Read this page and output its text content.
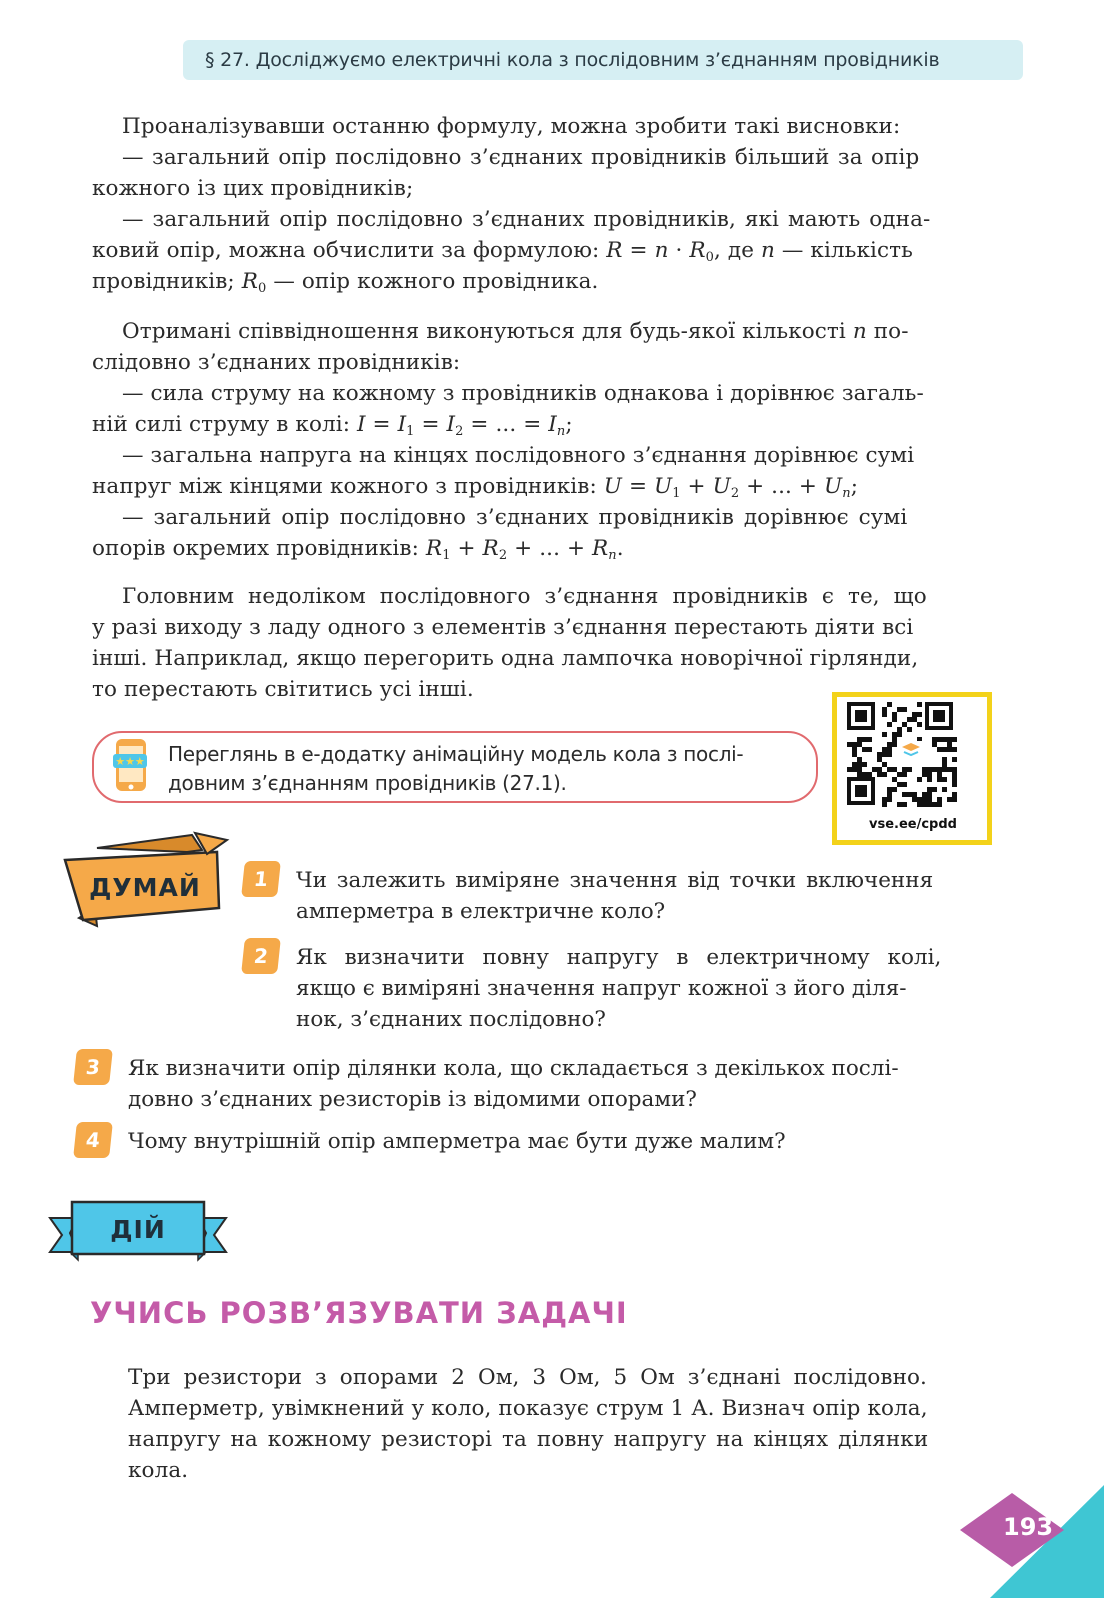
§ 27. Досліджуємо електричні кола з послідовним з’єднанням провідників
Проаналізувавши останню формулу, можна зробити такі висновки:
— загальний опір послідовно з’єднаних провідників більший за опір
кожного із цих провідників;
— загальний опір послідовно з’єднаних провідників, які мають одна-
ковий опір, можна обчислити за формулою: $R = n \cdot R_0$, де n — кількість
провідників; $R_0$ — опір кожного провідника.
Отримані співвідношення виконуються для будь-якої кількості n по-
слідовно з’єднаних провідників:
— сила струму на кожному з провідників однакова і дорівнює загаль-
ній силі струму в колі: $I = I_1 = I_2$ = ... = $I_n$;
— загальна напруга на кінцях послідовного з’єднання дорівнює сумі
напруг між кінцями кожного з провідників: $U = U_1 + U_2$ + ... + $U_n$;
— загальний опір послідовно з’єднаних провідників дорівнює сумі
опорів окремих провідників: $R_1 + R_2$ + ... + $R_n$.
Головним недоліком послідовного з’єднання провідників є те, що
у разі виходу з ладу одного з елементів з’єднання перестають діяти всі
інші. Наприклад, якщо перегорить одна лампочка новорічної гірлянди,
то перестають світитись усі інші.
★★★ Переглянь в е-додатку анімаційну модель кола з послі-
довним з’єднанням провідників (27.1).
vse.ee/cpdd
ДУМАЙ	1	Чи залежить виміряне значення від точки включення
амперметра в електричне коло?
2	Як визначити повну напругу в електричному колі,
якщо є виміряні значення напруг кожної з його діля-
нок, з’єднаних послідовно?
3	Як визначити опір ділянки кола, що складається з декількох послі-
довно з’єднаних резисторів із відомими опорами?
4	Чому внутрішній опір амперметра має бути дуже малим?
ДІЙ
УЧИСЬ РОЗВ’ЯЗУВАТИ ЗАДАЧІ
Три резистори з опорами 2 Ом, 3 Ом, 5 Ом з’єднані послідовно.
Амперметр, увімкнений у коло, показує струм 1 А. Визнач опір кола,
напругу на кожному резисторі та повну напругу на кінцях ділянки
кола.
193
